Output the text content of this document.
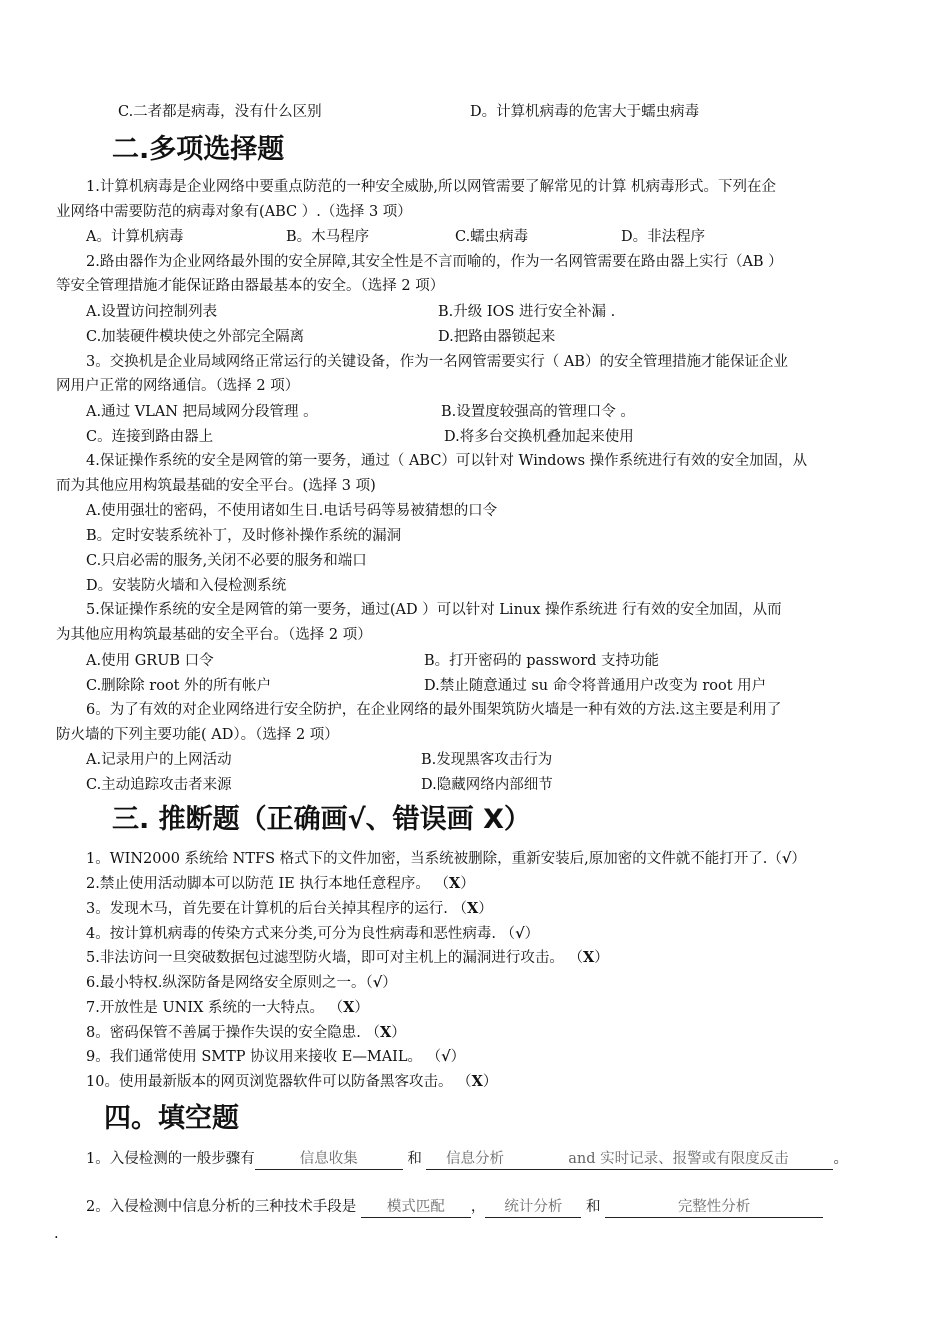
C.二者都是病毒，没有什么区别	D。计算机病毒的危害大于蠕虫病毒
二.多项选择题
1.计算机病毒是企业网络中要重点防范的一种安全威胁,所以网管需要了解常见的计算 机病毒形式。下列在企
业网络中需要防范的病毒对象有(ABC ）.（选择 3 项）
A。计算机病毒	B。木马程序	C.蠕虫病毒	D。非法程序
2.路由器作为企业网络最外围的安全屏障,其安全性是不言而喻的，作为一名网管需要在路由器上实行（AB ）
等安全管理措施才能保证路由器最基本的安全。（选择 2 项）
A.设置访问控制列表	B.升级 IOS 进行安全补漏 .
C.加装硬件模块使之外部完全隔离	D.把路由器锁起来
3。交换机是企业局域网络正常运行的关键设备，作为一名网管需要实行（ AB）的安全管理措施才能保证企业
网用户正常的网络通信。（选择 2 项）
A.通过 VLAN 把局域网分段管理 。	B.设置度较强高的管理口令 。
C。连接到路由器上	D.将多台交换机叠加起来使用
4.保证操作系统的安全是网管的第一要务，通过（ ABC）可以针对 Windows 操作系统进行有效的安全加固，从
而为其他应用构筑最基础的安全平台。(选择 3 项)
A.使用强壮的密码，不使用诸如生日.电话号码等易被猜想的口令
B。定时安装系统补丁，及时修补操作系统的漏洞
C.只启必需的服务,关闭不必要的服务和端口
D。安装防火墙和入侵检测系统
5.保证操作系统的安全是网管的第一要务，通过(AD ）可以针对 Linux 操作系统进 行有效的安全加固，从而
为其他应用构筑最基础的安全平台。（选择 2 项）
A.使用 GRUB 口令	B。打开密码的 password 支持功能
C.删除除 root 外的所有帐户	D.禁止随意通过 su 命令将普通用户改变为 root 用户
6。为了有效的对企业网络进行安全防护，在企业网络的最外围架筑防火墙是一种有效的方法.这主要是利用了
防火墙的下列主要功能( AD）。（选择 2 项）
A.记录用户的上网活动	B.发现黑客攻击行为
C.主动追踪攻击者来源	D.隐藏网络内部细节
三. 推断题（正确画√、错误画 X）
1。WIN2000 系统给 NTFS 格式下的文件加密，当系统被删除，重新安装后,原加密的文件就不能打开了.（√）
2.禁止使用活动脚本可以防范 IE 执行本地任意程序。 （X）
3。发现木马，首先要在计算机的后台关掉其程序的运行. （X）
4。按计算机病毒的传染方式来分类,可分为良性病毒和恶性病毒. （√）
5.非法访问一旦突破数据包过滤型防火墙，即可对主机上的漏洞进行攻击。 （X）
6.最小特权.纵深防备是网络安全原则之一。（√）
7.开放性是 UNIX 系统的一大特点。 （X）
8。密码保管不善属于操作失误的安全隐患. （X）
9。我们通常使用 SMTP 协议用来接收 E—MAIL。 （√）
10。使用最新版本的网页浏览器软件可以防备黑客攻击。 （X）
四。填空题
1。入侵检测的一般步骤有	信息收集	和 信息分析	and 实时记录、报警或有限度反击	。
2。入侵检测中信息分析的三种技术手段是 模式匹配 ， 统计分析 和	完整性分析
.
